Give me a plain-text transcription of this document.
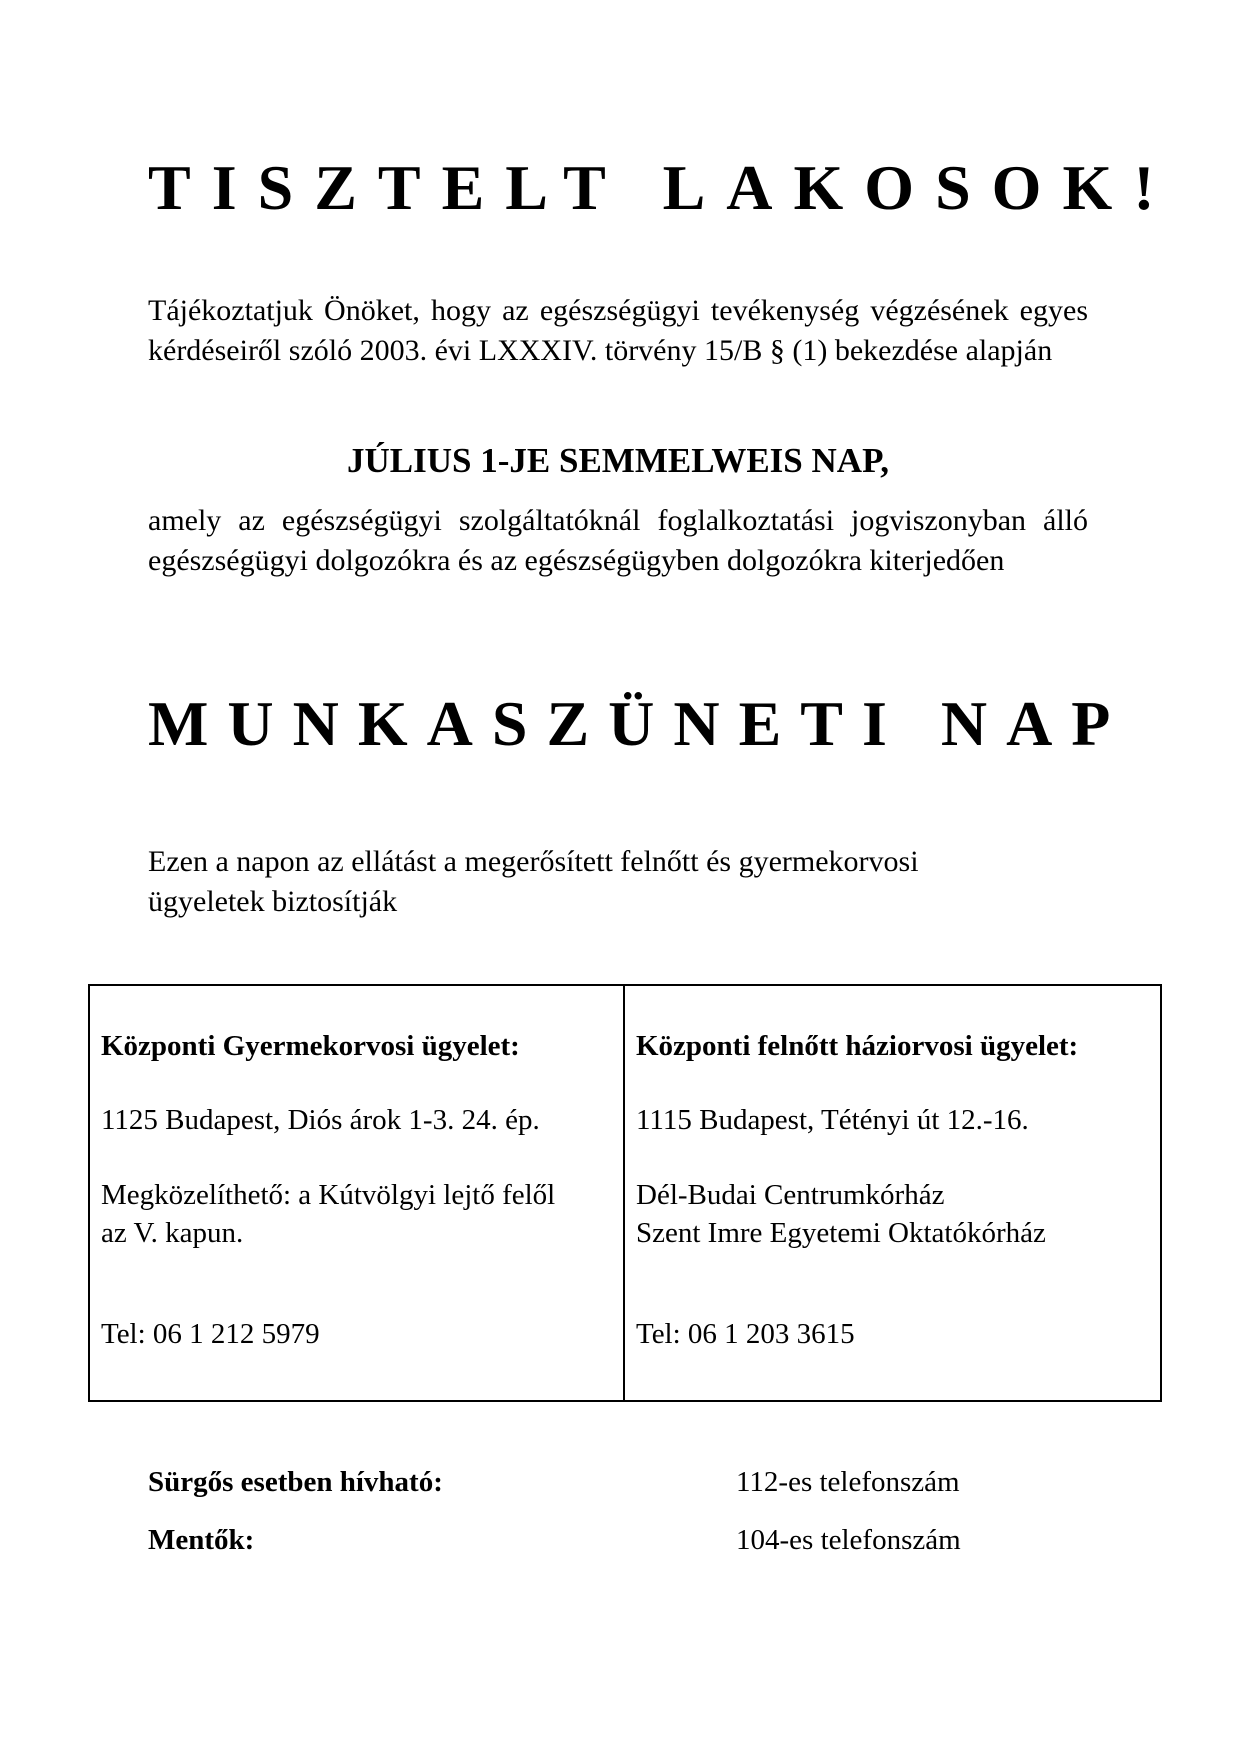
TISZTELT LAKOSOK!

Tájékoztatjuk Önöket, hogy az egészségügyi tevékenység végzésének egyes kérdéseiről szóló 2003. évi LXXXIV. törvény 15/B § (1) bekezdése alapján

JÚLIUS 1-JE SEMMELWEIS NAP,

amely az egészségügyi szolgáltatóknál foglalkoztatási jogviszonyban álló egészségügyi dolgozókra és az egészségügyben dolgozókra kiterjedően

MUNKASZÜNETI NAP

Ezen a napon az ellátást a megerősített felnőtt és gyermekorvosi
ügyeletek biztosítják

Központi Gyermekorvosi ügyelet:

1125 Budapest, Diós árok 1-3. 24. ép.

Megközelíthető: a Kútvölgyi lejtő felől
az V. kapun.

Tel: 06 1 212 5979

Központi felnőtt háziorvosi ügyelet:

1115 Budapest, Tétényi út 12.-16.

Dél-Budai Centrumkórház
Szent Imre Egyetemi Oktatókórház

Tel: 06 1 203 3615

Sürgős esetben hívható:	112-es telefonszám
Mentők:	104-es telefonszám
